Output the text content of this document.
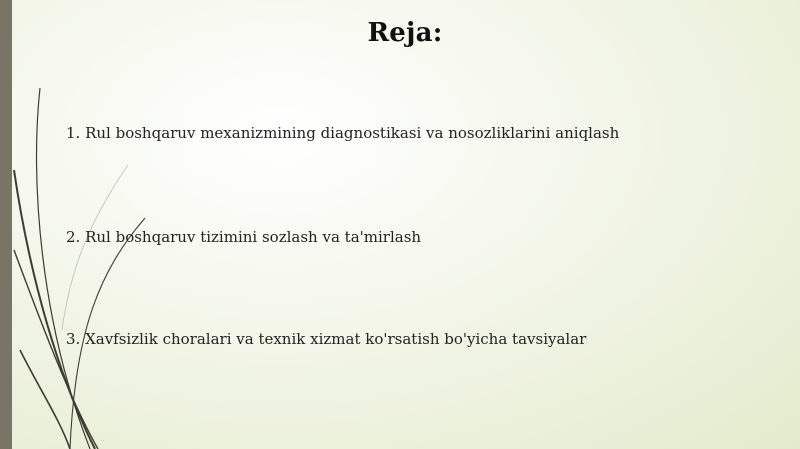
Reja:
1. Rul boshqaruv mexanizmining diagnostikasi va nosozliklarini aniqlash
2. Rul boshqaruv tizimini sozlash va ta'mirlash
3. Xavfsizlik choralari va texnik xizmat ko'rsatish bo'yicha tavsiyalar
